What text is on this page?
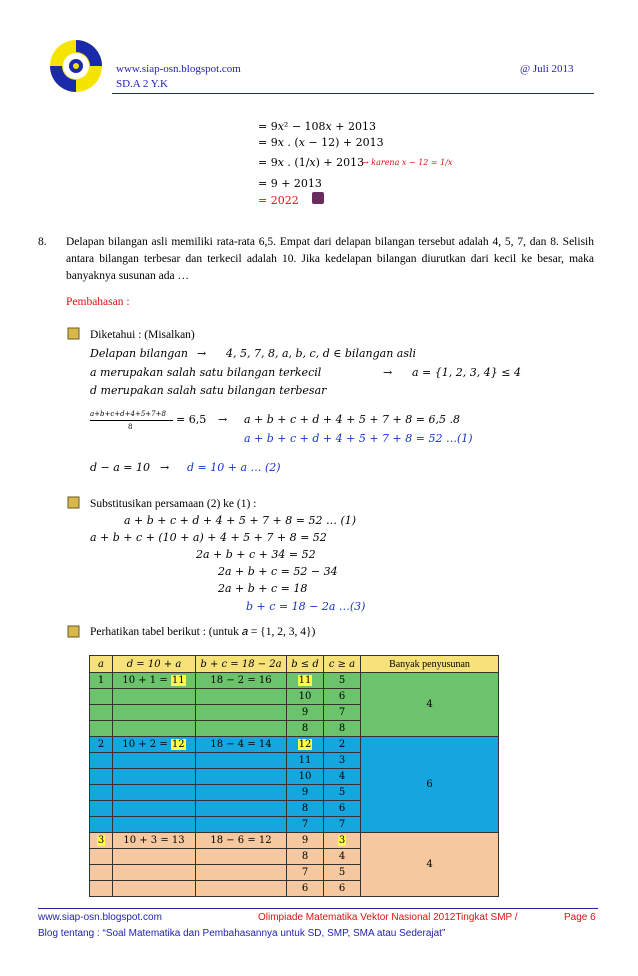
www.siap-osn.blogspot.com
SD.A 2 Y.K
@ Juli 2013
= 9𝑥² − 108𝑥 + 2013
= 9𝑥 . (𝑥 − 12) + 2013
= 9𝑥 . (1/𝑥) + 2013
→ karena 𝑥 − 12 = 1/𝑥
= 9 + 2013
= 2022
8. Delapan bilangan asli memiliki rata-rata 6,5. Empat dari delapan bilangan tersebut adalah 4, 5, 7, dan 8. Selisih antara bilangan terbesar dan terkecil adalah 10. Jika kedelapan bilangan diurutkan dari kecil ke besar, maka banyaknya susunan ada …
Pembahasan :
Diketahui : (Misalkan)
Delapan bilangan → 4, 5, 7, 8, 𝑎, 𝑏, 𝑐, 𝑑 ∈ bilangan asli
𝑎 merupakan salah satu bilangan terkecil	→ 𝑎 = {1, 2, 3, 4} ≤ 4
𝑑 merupakan salah satu bilangan terbesar
𝑎+𝑏+𝑐+𝑑+4+5+7+8
8
= 6,5 → 𝑎 + 𝑏 + 𝑐 + 𝑑 + 4 + 5 + 7 + 8 = 6,5 .8
𝑎 + 𝑏 + 𝑐 + 𝑑 + 4 + 5 + 7 + 8 = 52 …(1)
𝑑 − 𝑎 = 10 → 𝑑 = 10 + 𝑎 … (2)
Substitusikan persamaan (2) ke (1) :
𝑎 + 𝑏 + 𝑐 + 𝑑 + 4 + 5 + 7 + 8 = 52 … (1)
𝑎 + 𝑏 + 𝑐 + (10 + 𝑎) + 4 + 5 + 7 + 8 = 52
2𝑎 + 𝑏 + 𝑐 + 34 = 52
2𝑎 + 𝑏 + 𝑐 = 52 − 34
2𝑎 + 𝑏 + 𝑐 = 18
𝑏 + 𝑐 = 18 − 2𝑎 …(3)
Perhatikan tabel berikut : (untuk 𝑎 = {1, 2, 3, 4})
𝑎	𝑑 = 10 + 𝑎	𝑏 + 𝑐 = 18 − 2𝑎	𝑏 ≤ 𝑑	𝑐 ≥ 𝑎	Banyak penyusunan
1	10 + 1 = 11	18 − 2 = 16	11	5	4
			10	6	
			9	7	
			8	8	
2	10 + 2 = 12	18 − 4 = 14	12	2	6
			11	3	
			10	4	
			9	5	
			8	6	
			7	7	
3	10 + 3 = 13	18 − 6 = 12	9	3	4
			8	4	
			7	5	
			6	6	
www.siap-osn.blogspot.com	Olimpiade Matematika Vektor Nasional 2012Tingkat SMP /	Page 6
Blog tentang : “Soal Matematika dan Pembahasannya untuk SD, SMP, SMA atau Sederajat”
